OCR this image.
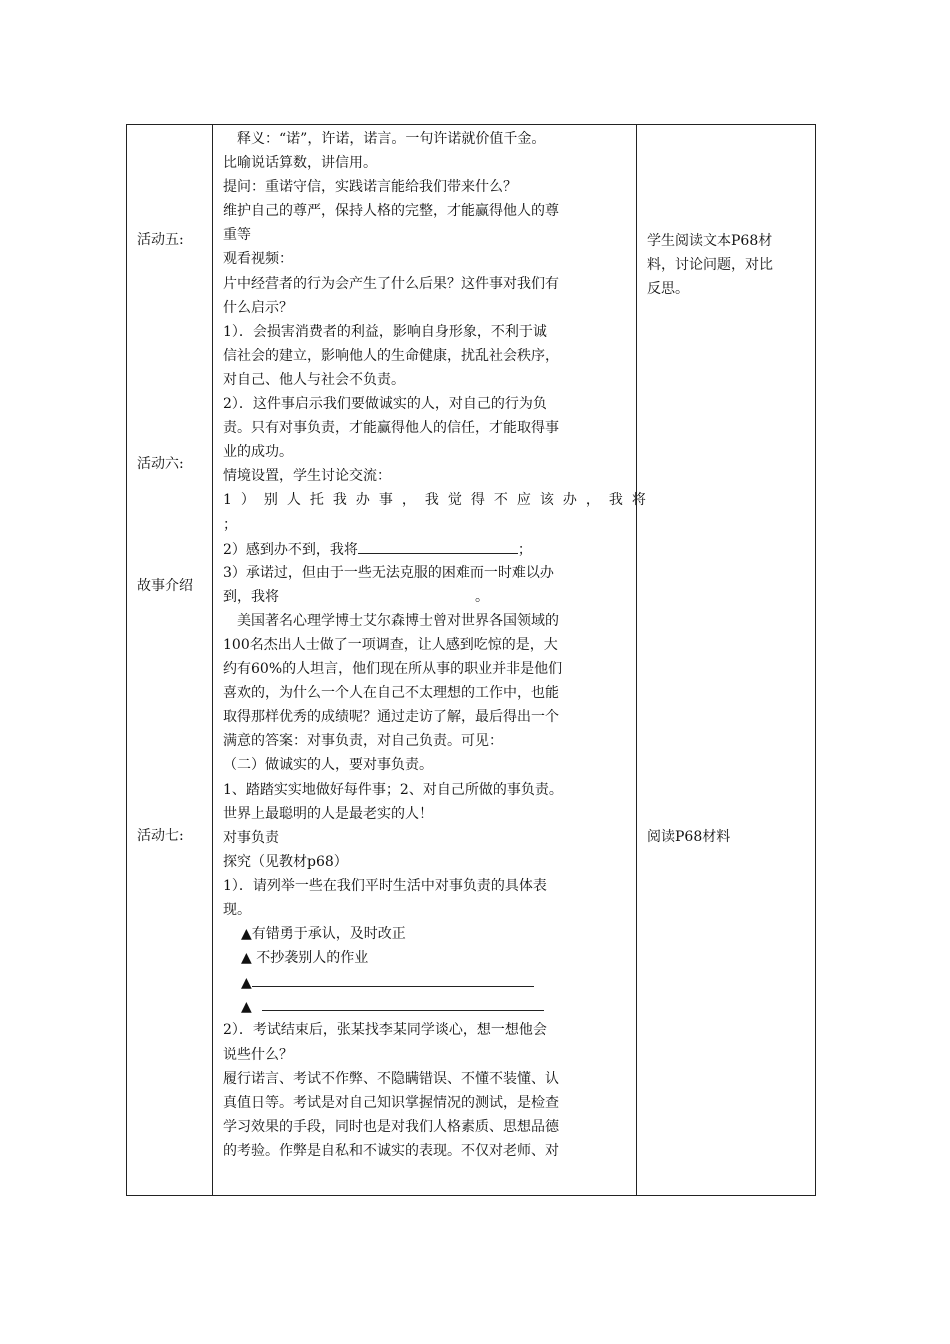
活动五:
活动六:
故事介绍
活动七:
释义：“诺”，许诺，诺言。一句许诺就价值千金。
比喻说话算数，讲信用。
提问：重诺守信，实践诺言能给我们带来什么？
维护自己的尊严，保持人格的完整，才能赢得他人的尊
重等
观看视频：
片中经营者的行为会产生了什么后果？这件事对我们有
什么启示？
1）．会损害消费者的利益，影响自身形象，不利于诚
信社会的建立，影响他人的生命健康，扰乱社会秩序，
对自己、他人与社会不负责。
2）．这件事启示我们要做诚实的人，对自己的行为负
责。只有对事负责，才能赢得他人的信任，才能取得事
业的成功。
情境设置，学生讨论交流：
1）别人托我办事，我觉得不应该办，我将
；
2）感到办不到，我将	；
3）承诺过，但由于一些无法克服的困难而一时难以办
到，我将	。
美国著名心理学博士艾尔森博士曾对世界各国领域的
100名杰出人士做了一项调查，让人感到吃惊的是，大
约有60%的人坦言，他们现在所从事的职业并非是他们
喜欢的，为什么一个人在自己不太理想的工作中，也能
取得那样优秀的成绩呢？通过走访了解，最后得出一个
满意的答案：对事负责，对自己负责。可见：
（二）做诚实的人，要对事负责。
1、踏踏实实地做好每件事；2、对自己所做的事负责。
世界上最聪明的人是最老实的人！
对事负责
探究（见教材p68）
1）．请列举一些在我们平时生活中对事负责的具体表
现。
▲有错勇于承认，及时改正
▲ 不抄袭别人的作业
▲
▲
2）．考试结束后，张某找李某同学谈心，想一想他会
说些什么？
履行诺言、考试不作弊、不隐瞒错误、不懂不装懂、认
真值日等。考试是对自己知识掌握情况的测试，是检查
学习效果的手段，同时也是对我们人格素质、思想品德
的考验。作弊是自私和不诚实的表现。不仅对老师、对
学生阅读文本P68材
料，讨论问题，对比
反思。
阅读P68材料
